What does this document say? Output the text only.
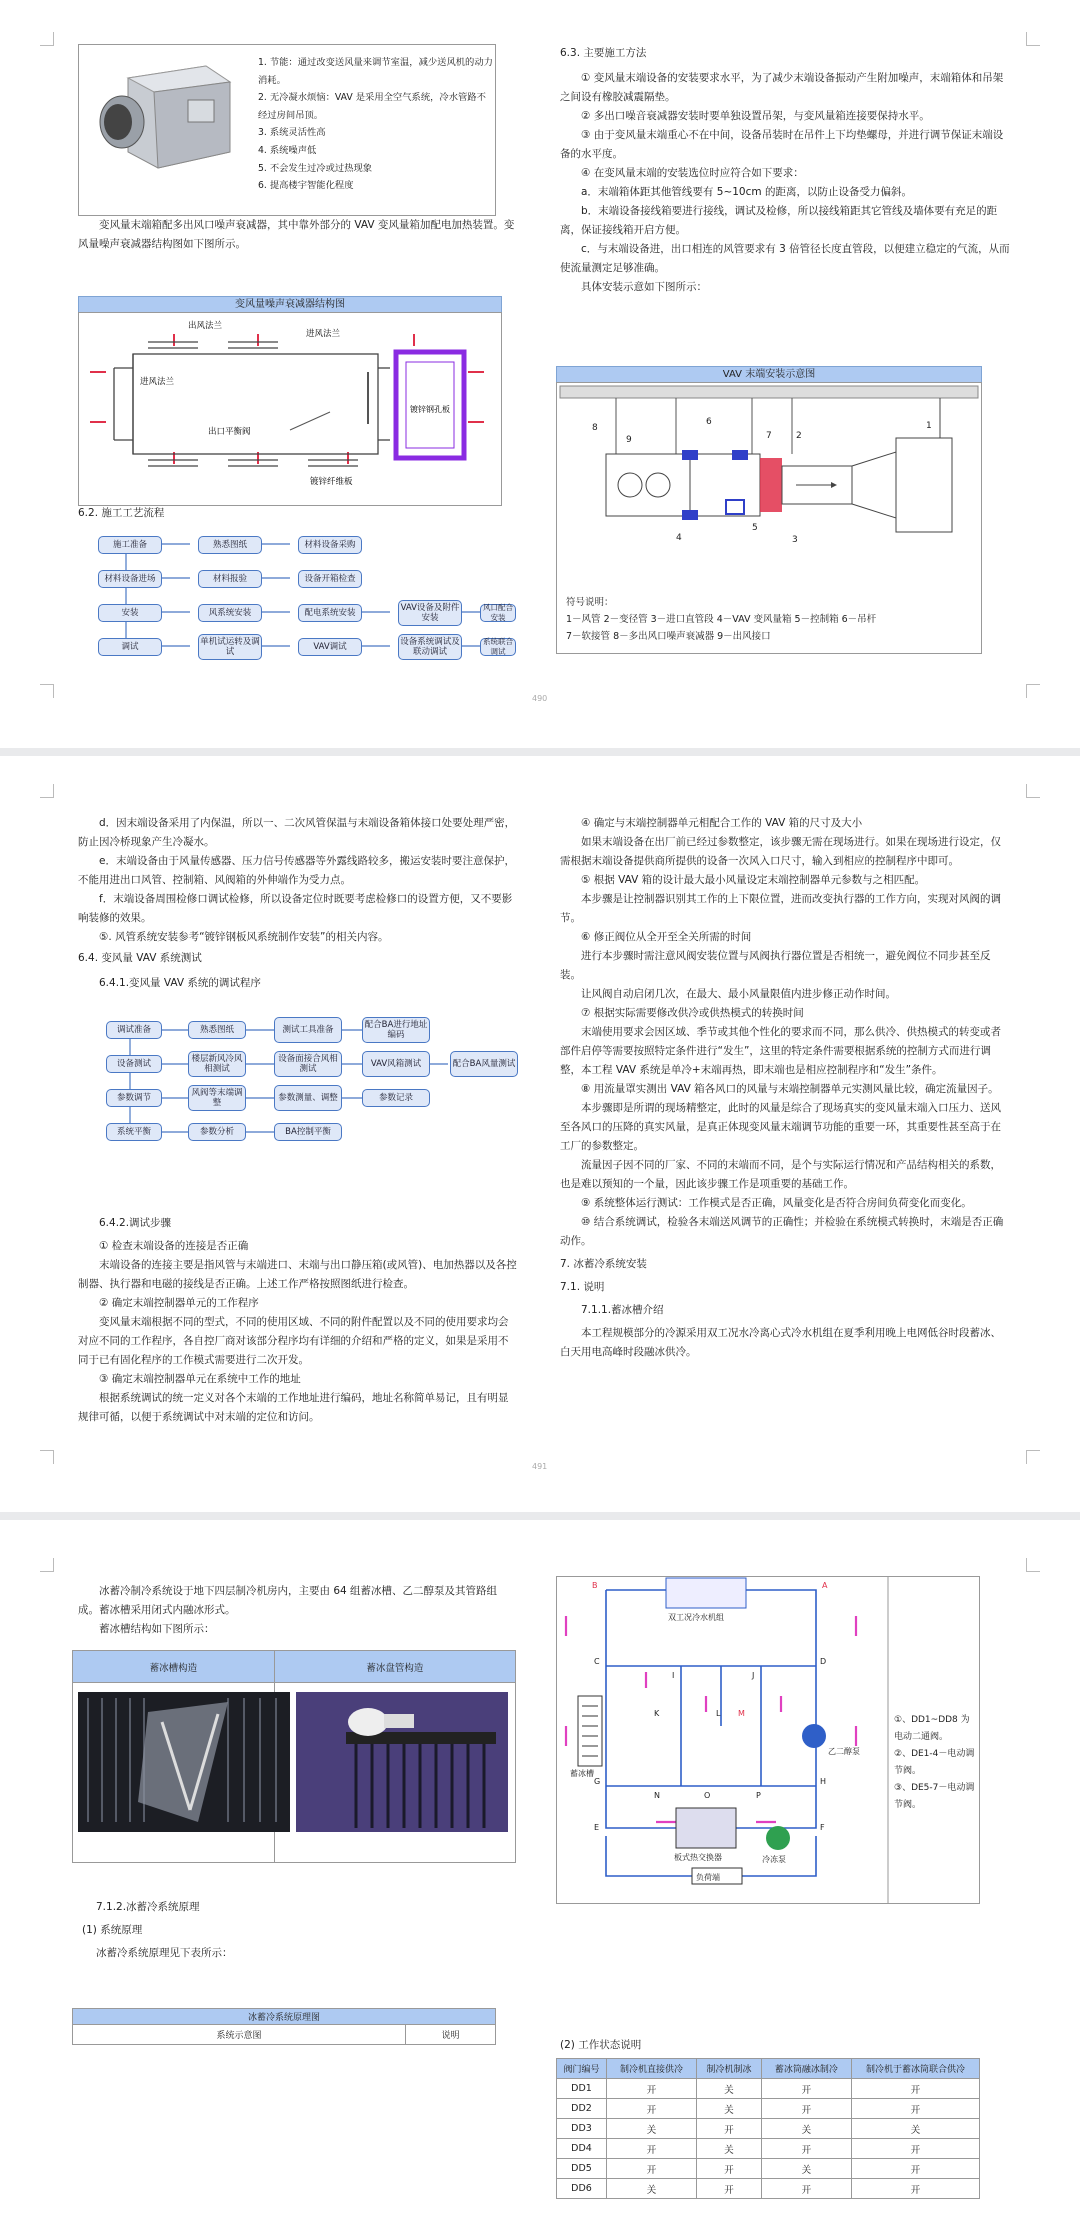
1. 节能：通过改变送风量来调节室温，减少送风机的动力消耗。

2. 无冷凝水烦恼：VAV 是采用全空气系统，冷水管路不经过房间吊顶。

3. 系统灵活性高

4. 系统噪声低

5. 不会发生过冷或过热现象

6. 提高楼宇智能化程度

变风量末端箱配多出风口噪声衰减器，其中靠外部分的 VAV 变风量箱加配电加热装置。变风量噪声衰减器结构图如下图所示。
变风量噪声衰减器结构图
出风法兰
进风法兰
进风法兰
出口平衡阀
镀锌钢孔板
镀锌纤维板
6.2. 施工工艺流程
施工准备	熟悉图纸	材料设备采购
材料设备进场	材料报验	设备开箱检查
安装	风系统安装	配电系统安装	VAV设备及附件安装
调试	单机试运转及调试	VAV调试	设备系统调试及联动调试
系统联合调试
风口配合安装

6.3. 主要施工方法

① 变风量末端设备的安装要求水平，为了减少末端设备振动产生附加噪声，末端箱体和吊架之间设有橡胶减震隔垫。

② 多出口噪音衰减器安装时要单独设置吊架，与变风量箱连接要保持水平。

③ 由于变风量末端重心不在中间，设备吊装时在吊件上下均垫螺母，并进行调节保证末端设备的水平度。

④ 在变风量末端的安装选位时应符合如下要求：

a．末端箱体距其他管线要有 5~10cm 的距离，以防止设备受力偏斜。

b．末端设备接线箱要进行接线，调试及检修，所以接线箱距其它管线及墙体要有充足的距离，保证接线箱开启方便。

c．与末端设备进，出口相连的风管要求有 3 倍管径长度直管段，以便建立稳定的气流，从而使流量测定足够准确。

具体安装示意如下图所示：

VAV 末端安装示意图
8
9
6
7	2
1
3
4
5

符号说明：

1－风管 2－变径管 3－进口直管段 4－VAV 变风量箱 5－控制箱 6－吊杆

7－软接管 8－多出风口噪声衰减器 9－出风接口

490

d．因末端设备采用了内保温，所以一、二次风管保温与末端设备箱体接口处要处理严密，防止因冷桥现象产生冷凝水。

e．末端设备由于风量传感器、压力信号传感器等外露线路较多，搬运安装时要注意保护，不能用进出口风管、控制箱、风阀箱的外伸端作为受力点。

f．末端设备周围检修口调试检修，所以设备定位时既要考虑检修口的设置方便，又不要影响装修的效果。

⑤. 风管系统安装参考“镀锌钢板风系统制作安装”的相关内容。

6.4. 变风量 VAV 系统测试

6.4.1.变风量 VAV 系统的调试程序

调试准备	熟悉图纸	测试工具准备	配合BA进行地址编码
设备测试	楼层新风冷风相测试
设备面接合风相测试	VAV风箱测试	配合BA风量测试
参数调节	风阀等末端调整	参数测量、调整	参数记录
系统平衡	参数分析	BA控制平衡

6.4.2.调试步骤

① 检查末端设备的连接是否正确

末端设备的连接主要是指风管与末端进口、末端与出口静压箱(或风管)、电加热器以及各控制器、执行器和电磁的接线是否正确。上述工作严格按照图纸进行检查。

② 确定末端控制器单元的工作程序

变风量末端根据不同的型式，不同的使用区域、不同的附件配置以及不同的使用要求均会对应不同的工作程序，各自控厂商对该部分程序均有详细的介绍和严格的定义，如果是采用不同于已有固化程序的工作模式需要进行二次开发。

③ 确定末端控制器单元在系统中工作的地址

根据系统调试的统一定义对各个末端的工作地址进行编码，地址名称简单易记，且有明显规律可循，以便于系统调试中对末端的定位和访问。

④ 确定与末端控制器单元相配合工作的 VAV 箱的尺寸及大小

如果末端设备在出厂前已经过参数整定，该步骤无需在现场进行。如果在现场进行设定，仅需根据末端设备提供商所提供的设备一次风入口尺寸，输入到相应的控制程序中即可。

⑤ 根据 VAV 箱的设计最大最小风量设定末端控制器单元参数与之相匹配。

本步骤是让控制器识别其工作的上下限位置，进而改变执行器的工作方向，实现对风阀的调节。

⑥ 修正阀位从全开至全关所需的时间

进行本步骤时需注意风阀安装位置与风阀执行器位置是否相统一，避免阀位不同步甚至反装。

让风阀自动启闭几次，在最大、最小风量限值内进步修正动作时间。

⑦ 根据实际需要修改供冷或供热模式的转换时间

末端使用要求会因区域、季节或其他个性化的要求而不同，那么供冷、供热模式的转变或者部件启停等需要按照特定条件进行“发生”，这里的特定条件需要根据系统的控制方式而进行调整，本工程 VAV 系统是单冷+末端再热，即末端也是相应控制程序和“发生”条件。

⑧ 用流量罩实测出 VAV 箱各风口的风量与末端控制器单元实测风量比较，确定流量因子。

本步骤即是所谓的现场精整定，此时的风量是综合了现场真实的变风量末端入口压力、送风至各风口的压降的真实风量，是真正体现变风量末端调节功能的重要一环，其重要性甚至高于在工厂的参数整定。

流量因子因不同的厂家、不同的末端而不同，是个与实际运行情况和产品结构相关的系数，也是难以预知的一个量，因此该步骤工作是项重要的基础工作。

⑨ 系统整体运行测试：工作模式是否正确，风量变化是否符合房间负荷变化而变化。

⑩ 结合系统调试，检验各末端送风调节的正确性；并检验在系统模式转换时，末端是否正确动作。

7. 冰蓄冷系统安装

7.1. 说明

7.1.1.蓄冰槽介绍

本工程规模部分的冷源采用双工况水冷离心式冷水机组在夏季利用晚上电网低谷时段蓄冰、白天用电高峰时段融冰供冷。

491

冰蓄冷制冷系统设于地下四层制冷机房内，主要由 64 组蓄冰槽、乙二醇泵及其管路组成。蓄冰槽采用闭式内融冰形式。

蓄冰槽结构如下图所示：

蓄冰槽构造	蓄冰盘管构造

7.1.2.冰蓄冷系统原理

(1) 系统原理

冰蓄冷系统原理见下表所示：

冰蓄冷系统原理图
系统示意图	说明
双工况冷水机组
蓄冰槽
板式热交换器
乙二醇泵
冷冻泵
负荷端
B	A
C	D
E	F
G	H
I	J
K	L M
N	O	P

①、DD1~DD8 为电动二通阀。

②、DE1-4－电动调节阀。

③、DE5-7－电动调节阀。

(2) 工作状态说明
阀门编号	制冷机直接供冷	制冷机制冰	蓄冰筒融冰制冷	制冷机于蓄冰筒联合供冷
DD1	开	关	开	开
DD2	开	关	开	开
DD3	关	开	关	关
DD4	开	关	开	开
DD5	开	开	关	开
DD6	关	开	开	开
